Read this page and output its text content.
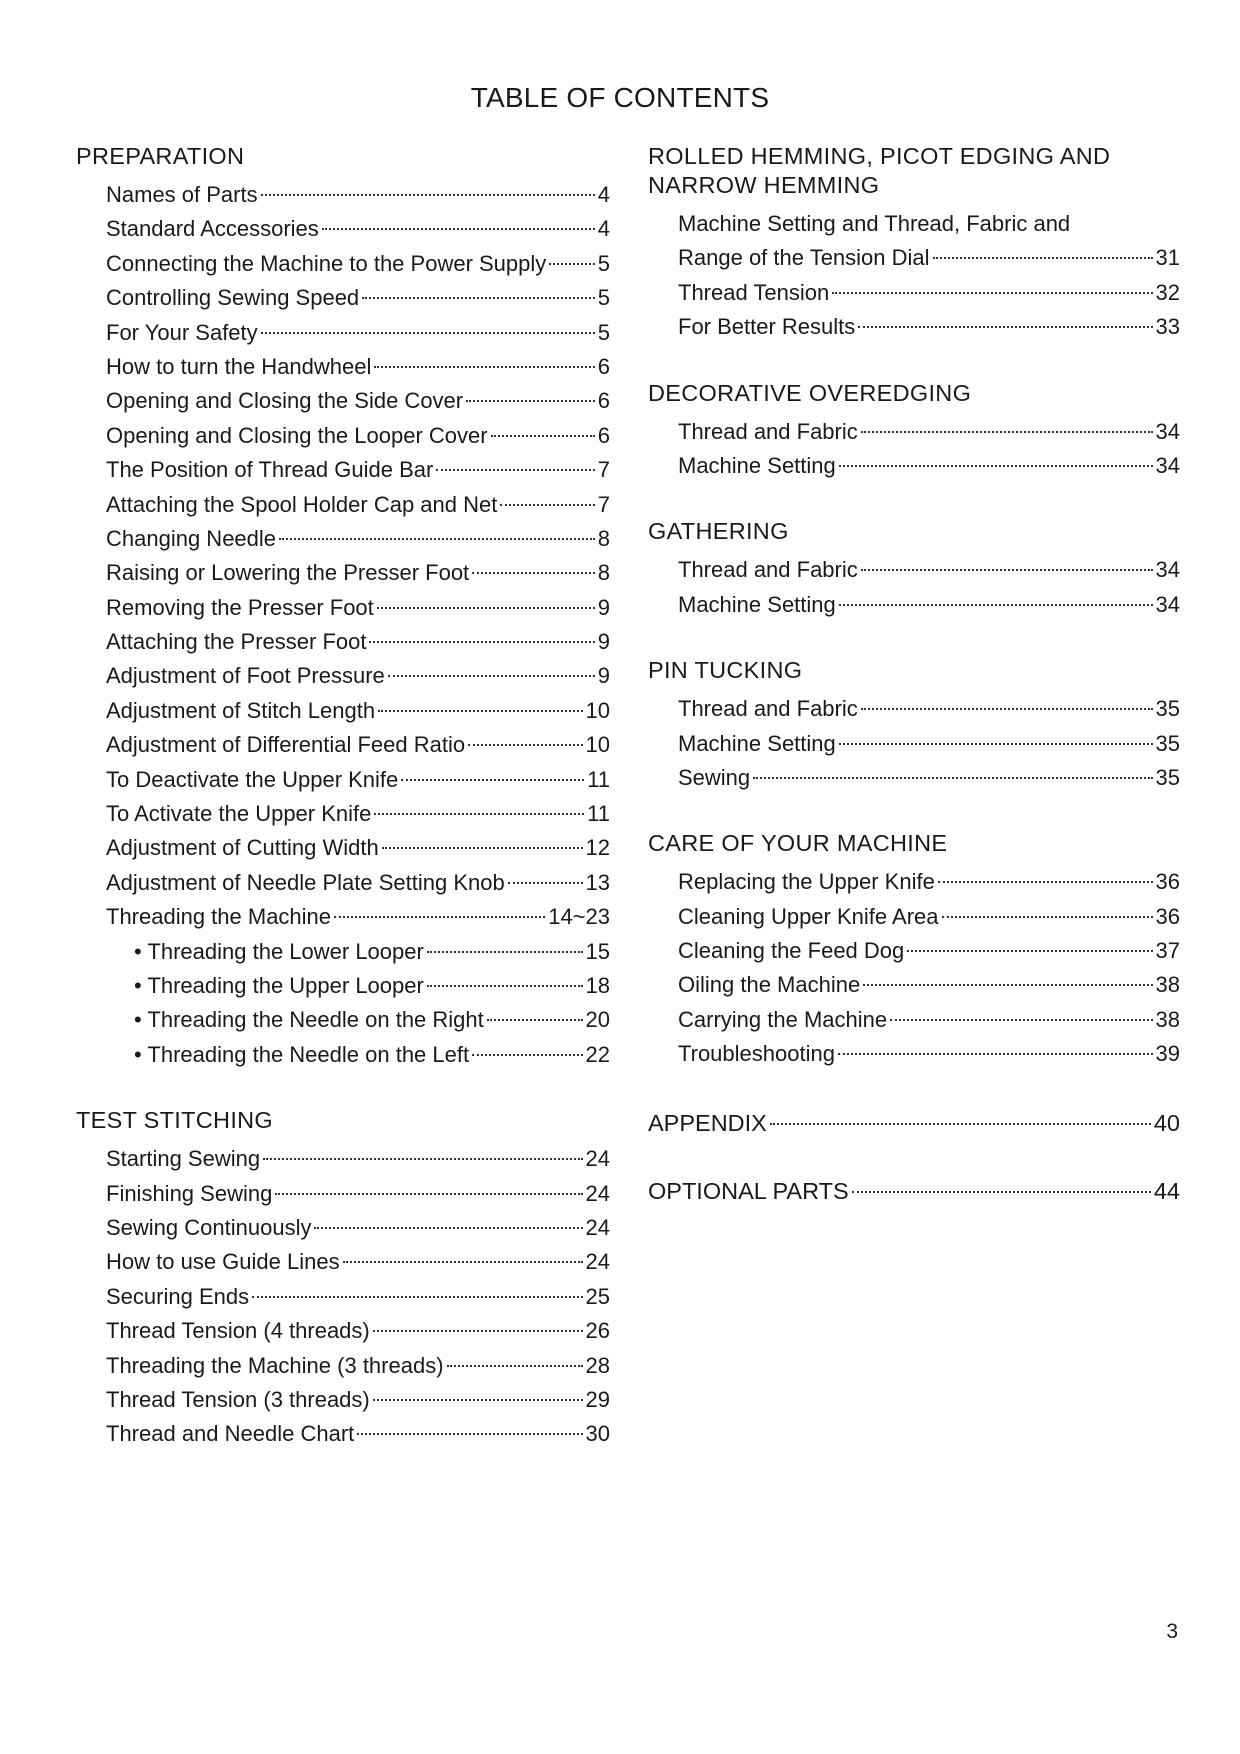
TABLE OF CONTENTS
PREPARATION
Names of Parts	4
Standard Accessories	4
Connecting the Machine to the Power Supply 5
Controlling Sewing Speed	5
For Your Safety	5
How to turn the Handwheel	6
Opening and Closing the Side Cover	6
Opening and Closing the Looper Cover	6
The Position of Thread Guide Bar	7
Attaching the Spool Holder Cap and Net	7
Changing Needle	8
Raising or Lowering the Presser Foot	8
Removing the Presser Foot	9
Attaching the Presser Foot	9
Adjustment of Foot Pressure	9
Adjustment of Stitch Length	10
Adjustment of Differential Feed Ratio	10
To Deactivate the Upper Knife	11
To Activate the Upper Knife	11
Adjustment of Cutting Width	12
Adjustment of Needle Plate Setting Knob	13
Threading the Machine	14~23
• Threading the Lower Looper	15
• Threading the Upper Looper	18
• Threading the Needle on the Right	20
• Threading the Needle on the Left	22
TEST STITCHING
Starting Sewing	24
Finishing Sewing	24
Sewing Continuously	24
How to use Guide Lines	24
Securing Ends	25
Thread Tension (4 threads)	26
Threading the Machine (3 threads)	28
Thread Tension (3 threads)	29
Thread and Needle Chart	30
ROLLED HEMMING, PICOT EDGING AND
NARROW HEMMING
Machine Setting and Thread, Fabric and
Range of the Tension Dial	31
Thread Tension	32
For Better Results	33
DECORATIVE OVEREDGING
Thread and Fabric	34
Machine Setting	34
GATHERING
Thread and Fabric	34
Machine Setting	34
PIN TUCKING
Thread and Fabric	35
Machine Setting	35
Sewing	35
CARE OF YOUR MACHINE
Replacing the Upper Knife	36
Cleaning Upper Knife Area	36
Cleaning the Feed Dog	37
Oiling the Machine	38
Carrying the Machine	38
Troubleshooting	39
APPENDIX	40
OPTIONAL PARTS	44
3
